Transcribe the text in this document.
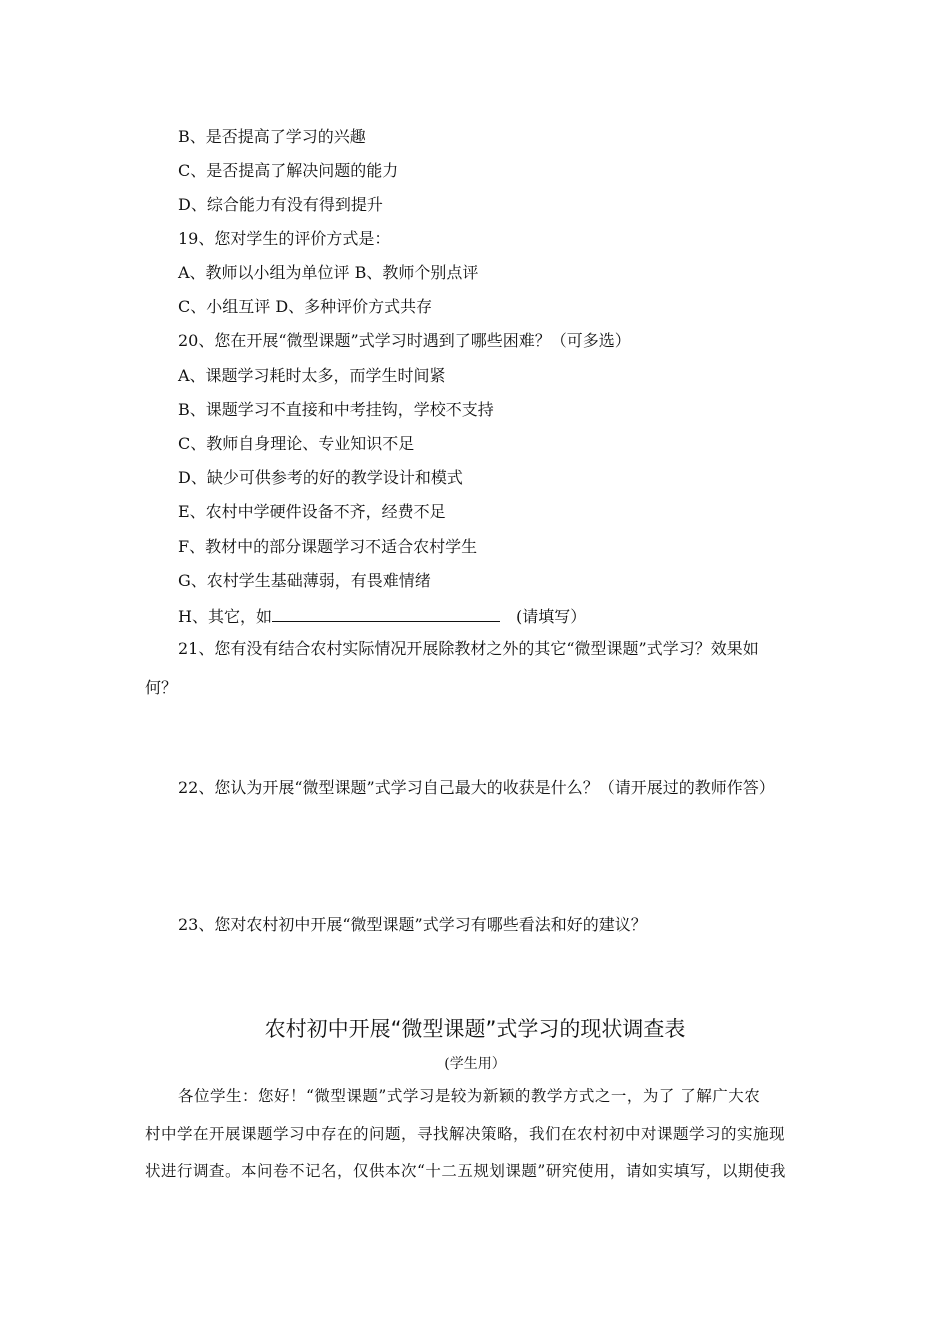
B、是否提高了学习的兴趣
C、是否提高了解决问题的能力
D、综合能力有没有得到提升
19、您对学生的评价方式是：
A、教师以小组为单位评 B、教师个别点评
C、小组互评 D、多种评价方式共存
20、您在开展“微型课题”式学习时遇到了哪些困难？（可多选）
A、课题学习耗时太多，而学生时间紧
B、课题学习不直接和中考挂钩，学校不支持
C、教师自身理论、专业知识不足
D、缺少可供参考的好的教学设计和模式
E、农村中学硬件设备不齐，经费不足
F、教材中的部分课题学习不适合农村学生
G、农村学生基础薄弱，有畏难情绪
H、其它，如	(请填写）
21、您有没有结合农村实际情况开展除教材之外的其它“微型课题”式学习？效果如
何？
22、您认为开展“微型课题”式学习自己最大的收获是什么？（请开展过的教师作答）
23、您对农村初中开展“微型课题”式学习有哪些看法和好的建议？
农村初中开展“微型课题”式学习的现状调查表
(学生用）
各位学生：您好！“微型课题”式学习是较为新颖的教学方式之一，为了 了解广大农
村中学在开展课题学习中存在的问题，寻找解决策略，我们在农村初中对课题学习的实施现
状进行调查。本问卷不记名，仅供本次“十二五规划课题”研究使用，请如实填写，以期使我
